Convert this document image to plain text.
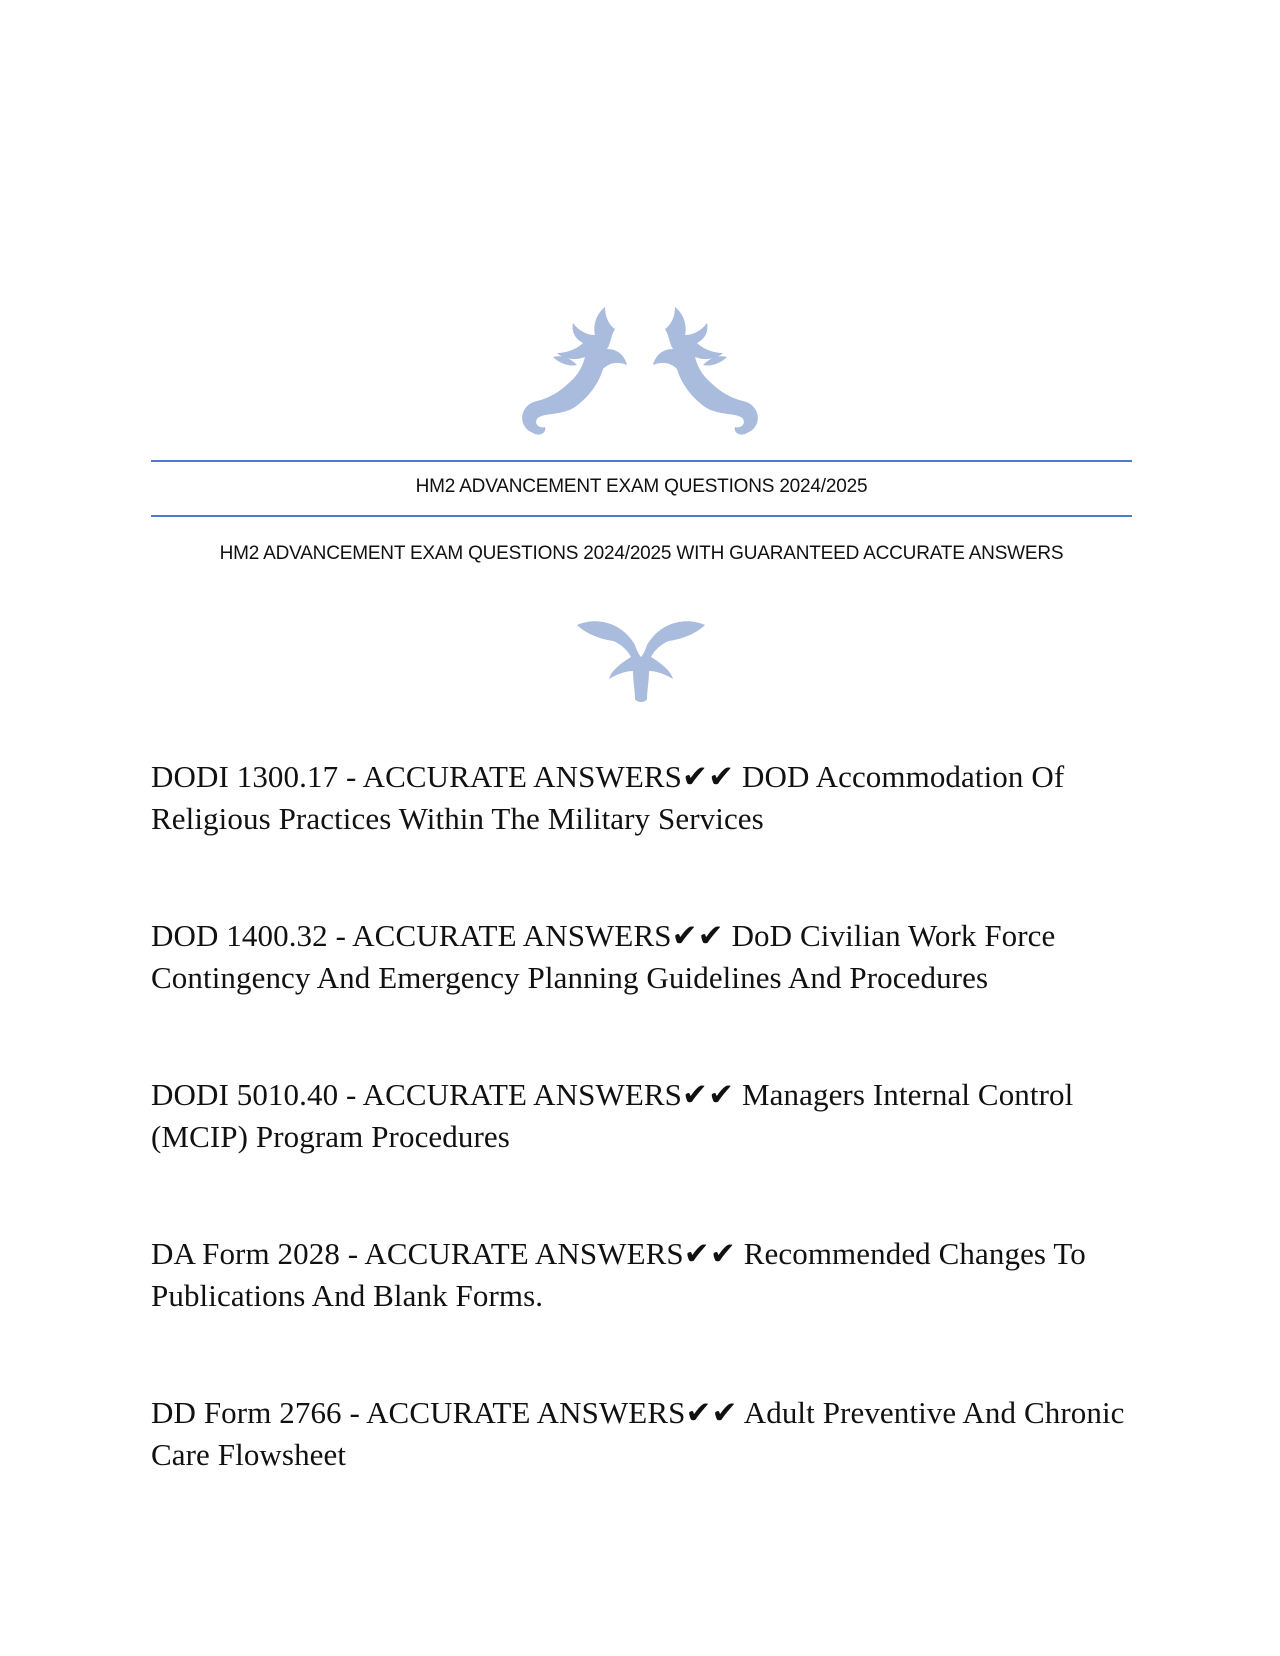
HM2 ADVANCEMENT EXAM QUESTIONS 2024/2025
HM2 ADVANCEMENT EXAM QUESTIONS 2024/2025 WITH GUARANTEED ACCURATE ANSWERS
DODI 1300.17 - ACCURATE ANSWERS✔✔ DOD Accommodation Of Religious Practices Within The Military Services
DOD 1400.32 - ACCURATE ANSWERS✔✔ DoD Civilian Work Force Contingency And Emergency Planning Guidelines And Procedures
DODI 5010.40 - ACCURATE ANSWERS✔✔ Managers Internal Control (MCIP) Program Procedures
DA Form 2028 - ACCURATE ANSWERS✔✔ Recommended Changes To Publications And Blank Forms.
DD Form 2766 - ACCURATE ANSWERS✔✔ Adult Preventive And Chronic Care Flowsheet
